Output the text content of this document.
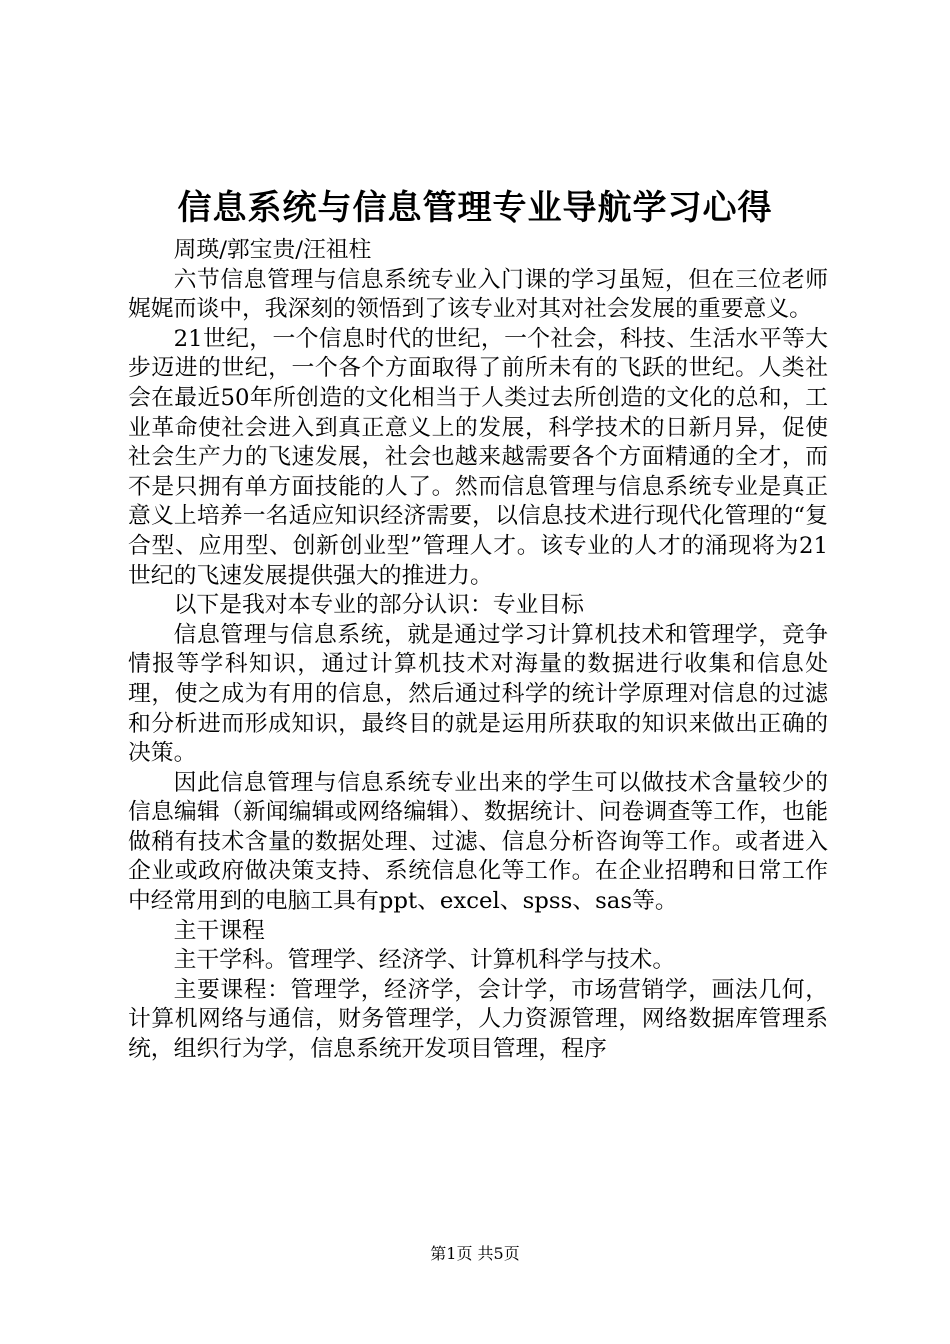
信息系统与信息管理专业导航学习心得

周瑛/郭宝贵/汪祖柱

六节信息管理与信息系统专业入门课的学习虽短，但在三位老师娓娓而谈中，我深刻的领悟到了该专业对其对社会发展的重要意义。

21世纪，一个信息时代的世纪，一个社会，科技、生活水平等大步迈进的世纪，一个各个方面取得了前所未有的飞跃的世纪。人类社会在最近50年所创造的文化相当于人类过去所创造的文化的总和，工业革命使社会进入到真正意义上的发展，科学技术的日新月异，促使社会生产力的飞速发展，社会也越来越需要各个方面精通的全才，而不是只拥有单方面技能的人了。然而信息管理与信息系统专业是真正意义上培养一名适应知识经济需要，以信息技术进行现代化管理的“复合型、应用型、创新创业型”管理人才。该专业的人才的涌现将为21世纪的飞速发展提供强大的推进力。

以下是我对本专业的部分认识：专业目标

信息管理与信息系统，就是通过学习计算机技术和管理学，竞争情报等学科知识，通过计算机技术对海量的数据进行收集和信息处理，使之成为有用的信息，然后通过科学的统计学原理对信息的过滤和分析进而形成知识，最终目的就是运用所获取的知识来做出正确的决策。

因此信息管理与信息系统专业出来的学生可以做技术含量较少的信息编辑（新闻编辑或网络编辑）、数据统计、问卷调查等工作，也能做稍有技术含量的数据处理、过滤、信息分析咨询等工作。或者进入企业或政府做决策支持、系统信息化等工作。在企业招聘和日常工作中经常用到的电脑工具有ppt、excel、spss、sas等。

主干课程

主干学科。管理学、经济学、计算机科学与技术。

主要课程：管理学，经济学，会计学，市场营销学，画法几何，计算机网络与通信，财务管理学，人力资源管理，网络数据库管理系统，组织行为学，信息系统开发项目管理，程序

第1页 共5页
